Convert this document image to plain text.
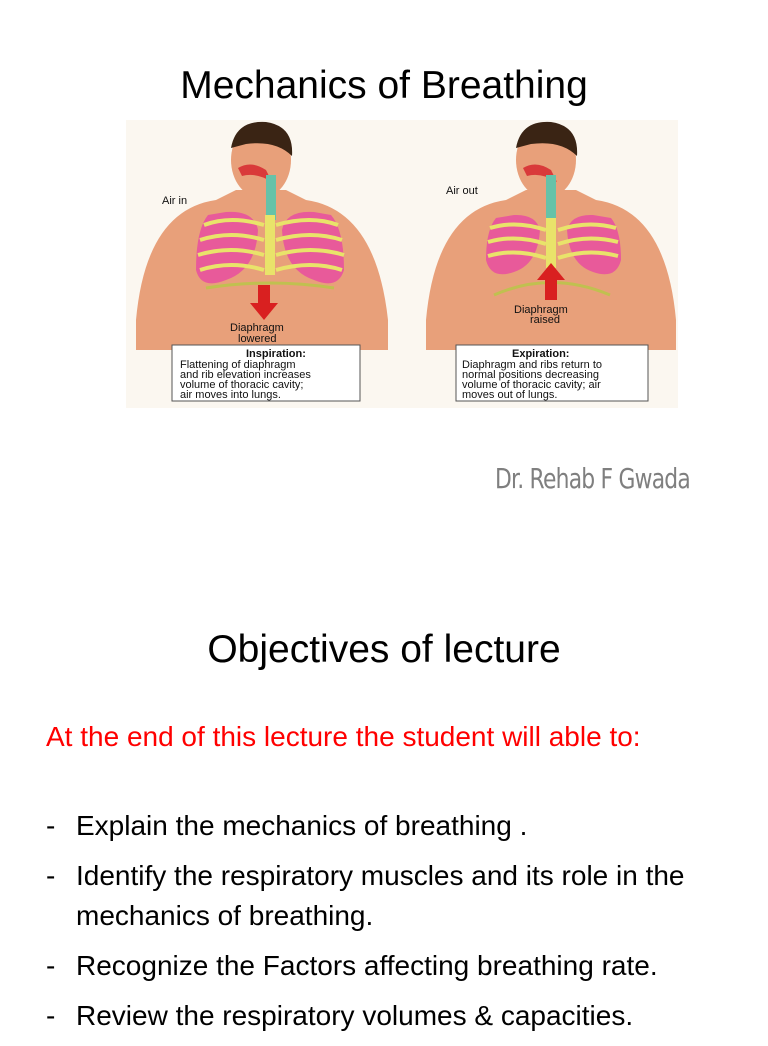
Mechanics of Breathing
Air in
Diaphragm
lowered
Inspiration:
Flattening of diaphragm
and rib elevation increases
volume of thoracic cavity;
air moves into lungs.
Air out
Diaphragm
raised
Expiration:
Diaphragm and ribs return to
normal positions decreasing
volume of thoracic cavity; air
moves out of lungs.
Dr. Rehab F Gwada
Objectives of lecture
At the end of this lecture the student will able to:
- Explain the mechanics of breathing .
- Identify the respiratory muscles and its role in the mechanics of breathing.
- Recognize the Factors affecting breathing rate.
- Review the respiratory volumes & capacities.
